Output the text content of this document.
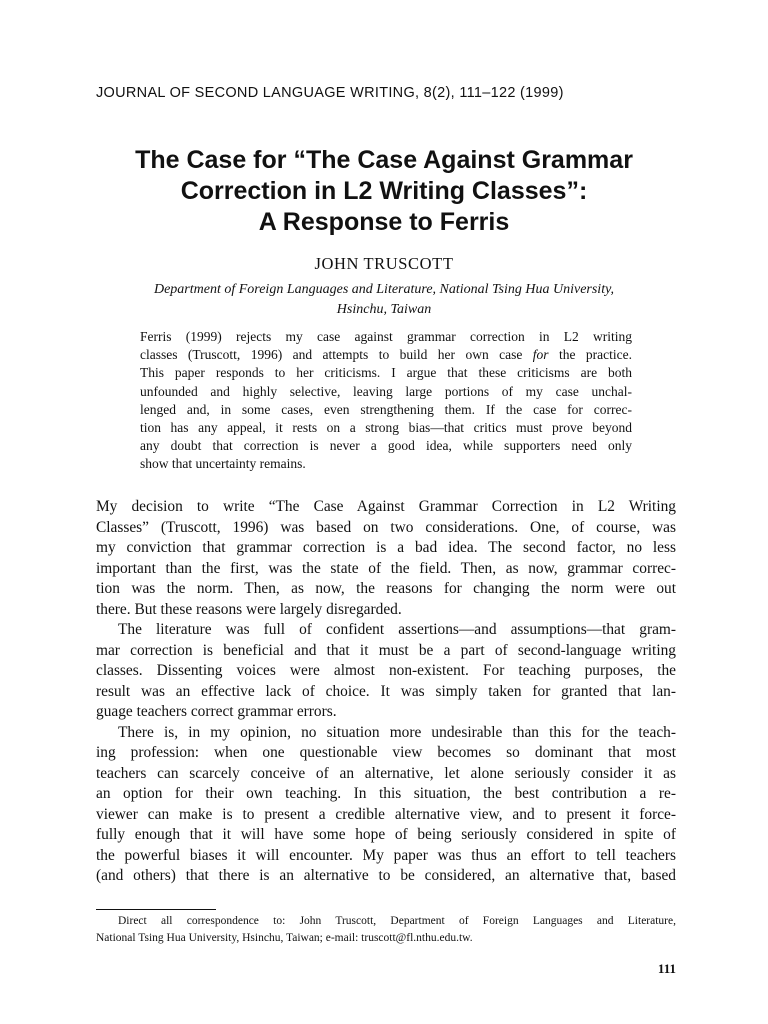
JOURNAL OF SECOND LANGUAGE WRITING, 8(2), 111–122 (1999)
The Case for “The Case Against Grammar
Correction in L2 Writing Classes”:
A Response to Ferris
JOHN TRUSCOTT
Department of Foreign Languages and Literature, National Tsing Hua University,
Hsinchu, Taiwan
Ferris (1999) rejects my case against grammar correction in L2 writing
classes (Truscott, 1996) and attempts to build her own case for the practice.
This paper responds to her criticisms. I argue that these criticisms are both
unfounded and highly selective, leaving large portions of my case unchal-
lenged and, in some cases, even strengthening them. If the case for correc-
tion has any appeal, it rests on a strong bias—that critics must prove beyond
any doubt that correction is never a good idea, while supporters need only
show that uncertainty remains.
My decision to write “The Case Against Grammar Correction in L2 Writing
Classes” (Truscott, 1996) was based on two considerations. One, of course, was
my conviction that grammar correction is a bad idea. The second factor, no less
important than the first, was the state of the field. Then, as now, grammar correc-
tion was the norm. Then, as now, the reasons for changing the norm were out
there. But these reasons were largely disregarded.
The literature was full of confident assertions—and assumptions—that gram-
mar correction is beneficial and that it must be a part of second-language writing
classes. Dissenting voices were almost non-existent. For teaching purposes, the
result was an effective lack of choice. It was simply taken for granted that lan-
guage teachers correct grammar errors.
There is, in my opinion, no situation more undesirable than this for the teach-
ing profession: when one questionable view becomes so dominant that most
teachers can scarcely conceive of an alternative, let alone seriously consider it as
an option for their own teaching. In this situation, the best contribution a re-
viewer can make is to present a credible alternative view, and to present it force-
fully enough that it will have some hope of being seriously considered in spite of
the powerful biases it will encounter. My paper was thus an effort to tell teachers
(and others) that there is an alternative to be considered, an alternative that, based
Direct all correspondence to: John Truscott, Department of Foreign Languages and Literature,
National Tsing Hua University, Hsinchu, Taiwan; e-mail: truscott@fl.nthu.edu.tw.
111
